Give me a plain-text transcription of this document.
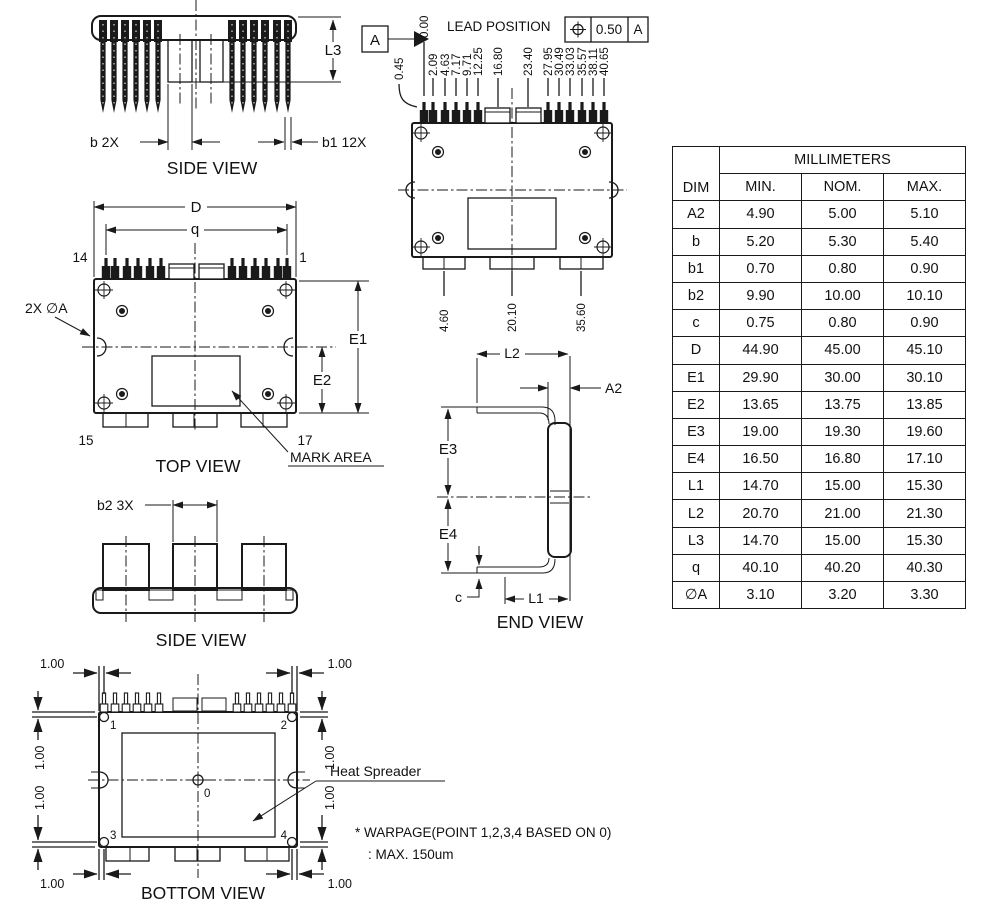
L3
b 2X	b1 12X
SIDE VIEW
A
LEAD POSITION	0.50 A
0.00
0.45 2.09 4.63 7.17 9.71 12.25 16.80 23.40 27.95 30.49 33.03 35.57 38.11 40.65
4.60	20.10	35.60
D
q
14	1
15	17
2X ∅A
E1
E2
MARK AREA
TOP VIEW
L2
A2
E3
E4
c	L1
END VIEW
b2 3X
SIDE VIEW
1	2
3	4
0
1.00	1.00
1.00	1.00
1.00	1.00
1.00	1.00
Heat Spreader
BOTTOM VIEW
* WARPAGE(POINT 1,2,3,4 BASED ON 0)
: MAX. 150um
DIM	MILLIMETERS		
	MIN.	NOM.	MAX.
A2	4.90	5.00	5.10
b	5.20	5.30	5.40
b1	0.70	0.80	0.90
b2	9.90	10.00	10.10
c	0.75	0.80	0.90
D	44.90	45.00	45.10
E1	29.90	30.00	30.10
E2	13.65	13.75	13.85
E3	19.00	19.30	19.60
E4	16.50	16.80	17.10
L1	14.70	15.00	15.30
L2	20.70	21.00	21.30
L3	14.70	15.00	15.30
q	40.10	40.20	40.30
∅A	3.10	3.20	3.30
